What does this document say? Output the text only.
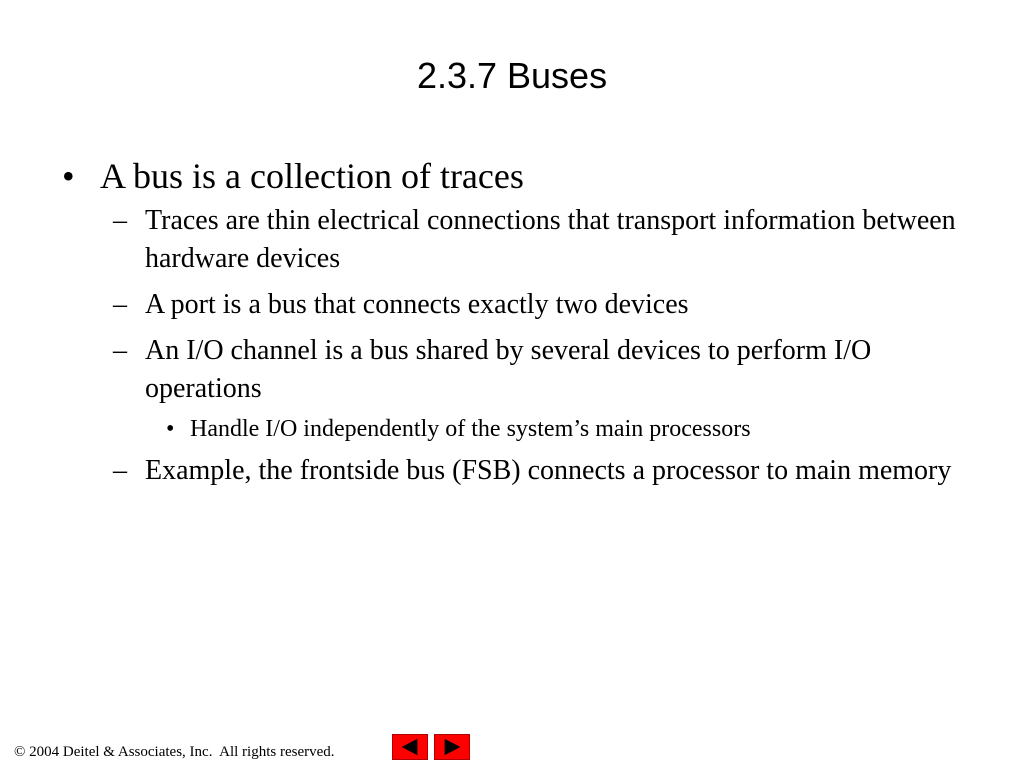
2.3.7 Buses
• A bus is a collection of traces
– Traces are thin electrical connections that transport information between hardware devices
– A port is a bus that connects exactly two devices
– An I/O channel is a bus shared by several devices to perform I/O operations
• Handle I/O independently of the system’s main processors
– Example, the frontside bus (FSB) connects a processor to main memory
© 2004 Deitel & Associates, Inc.  All rights reserved.
